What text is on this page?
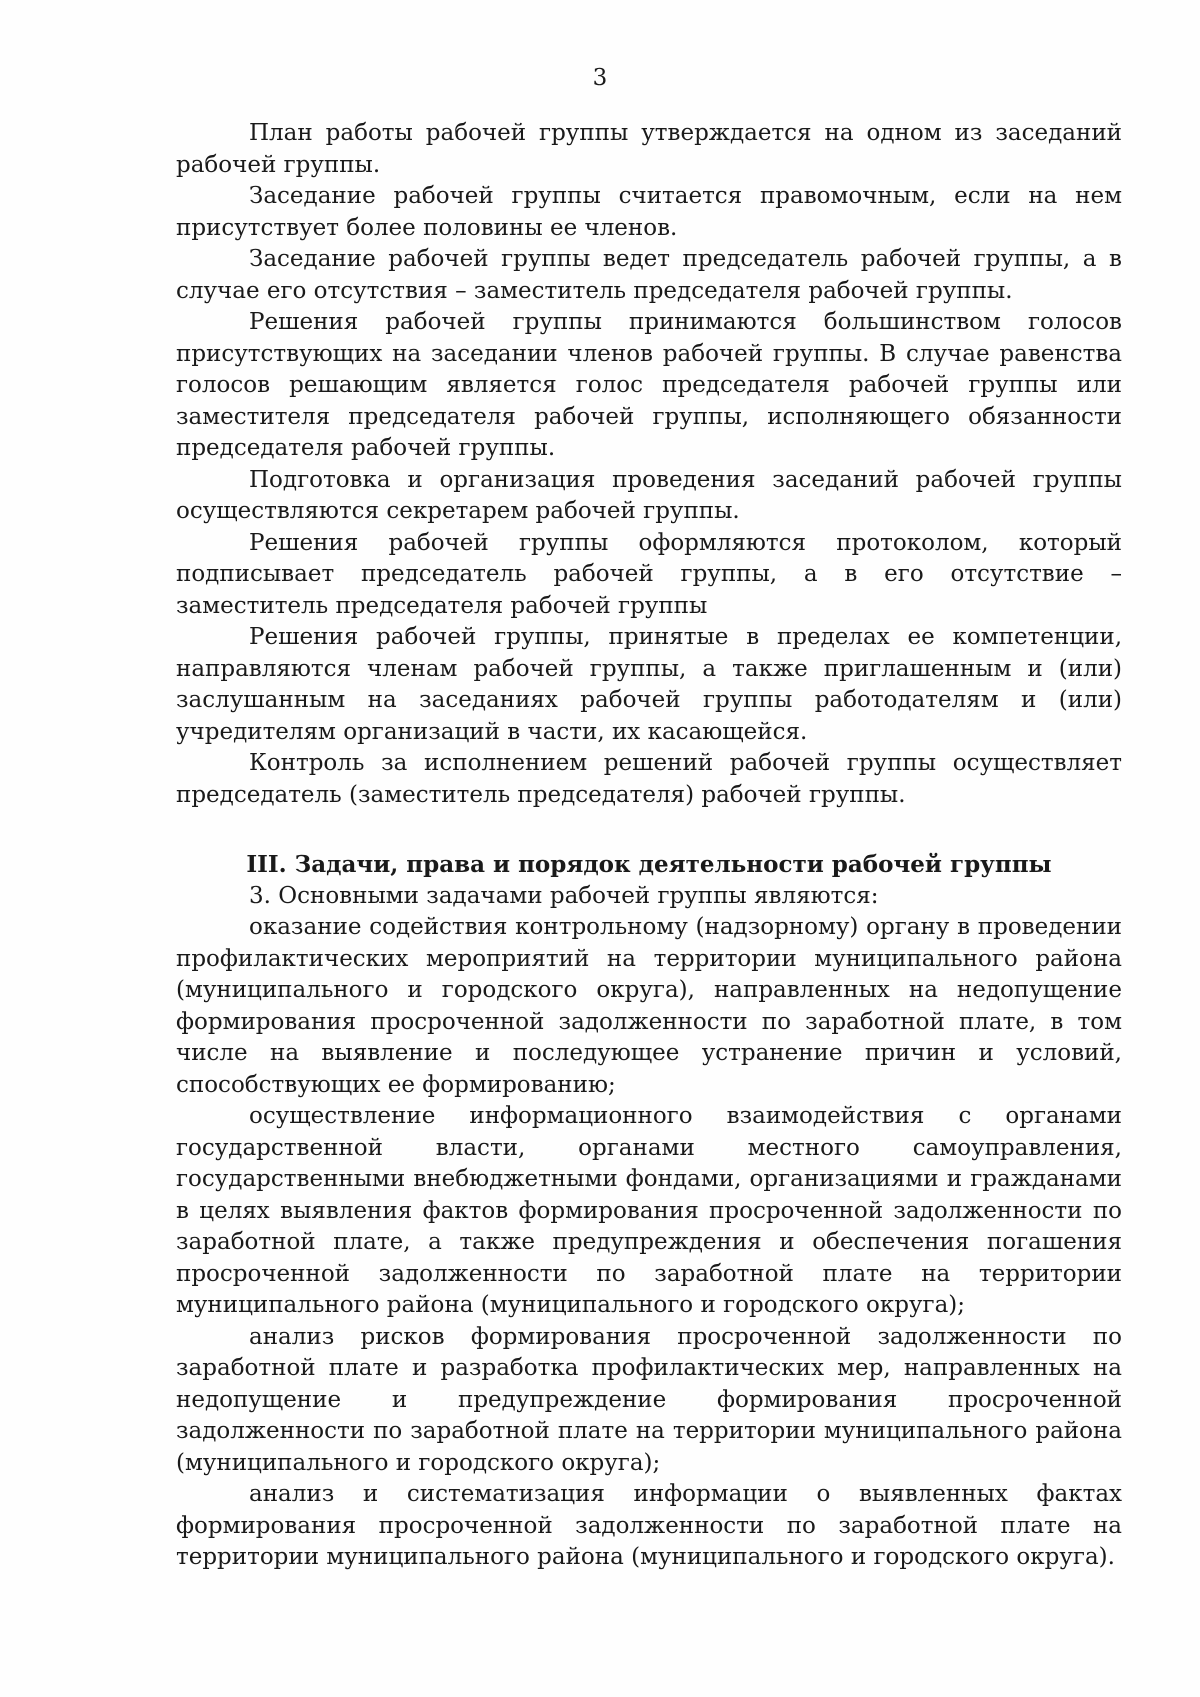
3

План работы рабочей группы утверждается на одном из заседаний рабочей группы.

Заседание рабочей группы считается правомочным, если на нем присутствует более половины ее членов.

Заседание рабочей группы ведет председатель рабочей группы, а в случае его отсутствия – заместитель председателя рабочей группы.

Решения рабочей группы принимаются большинством голосов присутствующих на заседании членов рабочей группы. В случае равенства голосов решающим является голос председателя рабочей группы или заместителя председателя рабочей группы, исполняющего обязанности председателя рабочей группы.

Подготовка и организация проведения заседаний рабочей группы осуществляются секретарем рабочей группы.

Решения рабочей группы оформляются протоколом, который подписывает председатель рабочей группы, а в его отсутствие – заместитель председателя рабочей группы

Решения рабочей группы, принятые в пределах ее компетенции, направляются членам рабочей группы, а также приглашенным и (или) заслушанным на заседаниях рабочей группы работодателям и (или) учредителям организаций в части, их касающейся.

Контроль за исполнением решений рабочей группы осуществляет председатель (заместитель председателя) рабочей группы.

III. Задачи, права и порядок деятельности рабочей группы

3. Основными задачами рабочей группы являются:

оказание содействия контрольному (надзорному) органу в проведении профилактических мероприятий на территории муниципального района (муниципального и городского округа), направленных на недопущение формирования просроченной задолженности по заработной плате, в том числе на выявление и последующее устранение причин и условий, способствующих ее формированию;

осуществление информационного взаимодействия с органами государственной власти, органами местного самоуправления, государственными внебюджетными фондами, организациями и гражданами в целях выявления фактов формирования просроченной задолженности по заработной плате, а также предупреждения и обеспечения погашения просроченной задолженности по заработной плате на территории муниципального района (муниципального и городского округа);

анализ рисков формирования просроченной задолженности по заработной плате и разработка профилактических мер, направленных на недопущение и предупреждение формирования просроченной задолженности по заработной плате на территории муниципального района (муниципального и городского округа);

анализ и систематизация информации о выявленных фактах формирования просроченной задолженности по заработной плате на территории муниципального района (муниципального и городского округа).
